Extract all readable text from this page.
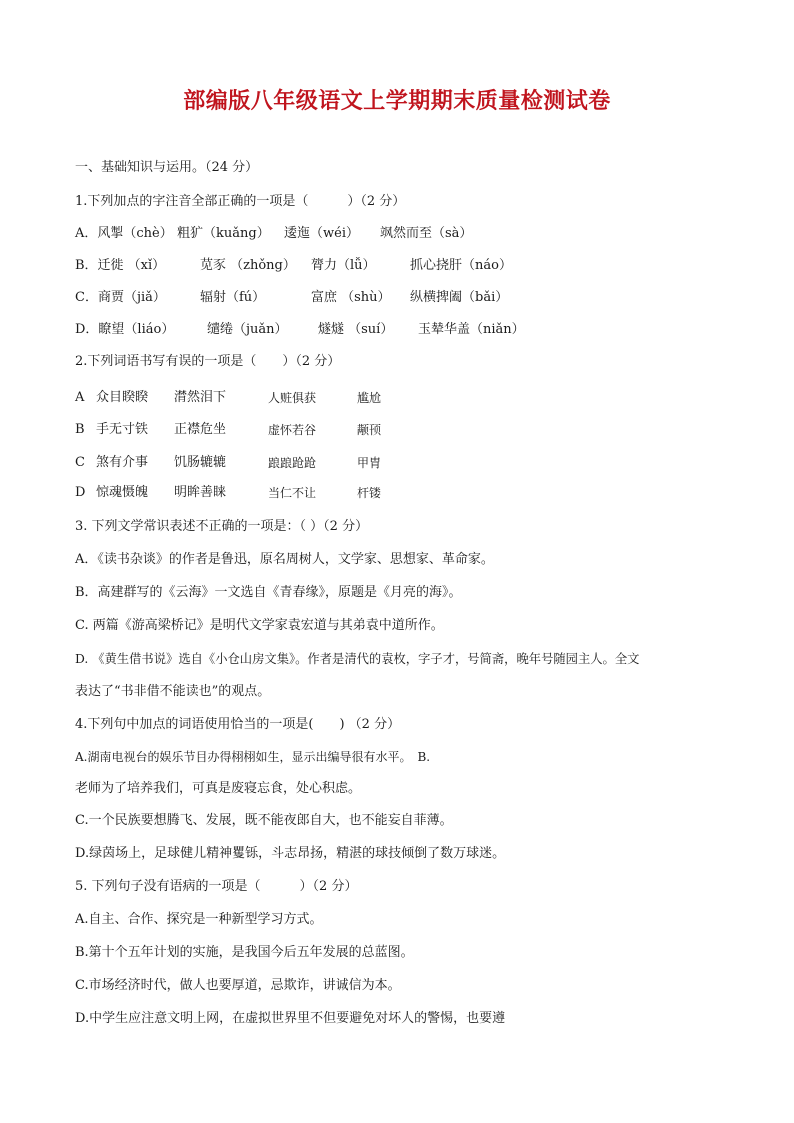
部编版八年级语文上学期期末质量检测试卷
一、基础知识与运用。（24 分）
1.下列加点的字注音全部正确的一项是（　　　）（2 分）
A．风掣（chè） 粗犷（kuǎng） 逶迤（wéi） 飒然而至（sà）
B．迁徙 （xǐ）	苋豕 （zhǒng） 膂力（lǚ）	抓心挠肝（náo）
C．商贾（jiǎ）	辐射（fú）	富庶 （shù） 纵横捭阖（bǎi）
D．瞭望（liáo）	缱绻（juǎn） 燧燧 （suí） 玉辇华盖（niǎn）
2.下列词语书写有误的一项是（　　）（2 分）
A 众目睽睽 潸然泪下	人赃俱获	尴尬
B 手无寸铁 正襟危坐	虚怀若谷	颟顸
C 煞有介事 饥肠辘辘	踉踉跄跄	甲胄
D 惊魂慑魄 明眸善睐	当仁不让	杆镂
3. 下列文学常识表述不正确的一项是：（ ）（2 分）
A．《读书杂谈》的作者是鲁迅，原名周树人，文学家、思想家、革命家。
B．高建群写的《云海》一文选自《青春缘》，原题是《月亮的海》。
C. 两篇《游高梁桥记》是明代文学家袁宏道与其弟袁中道所作。
D. 《黄生借书说》选自《小仓山房文集》。作者是清代的袁枚，字子才，号简斋，晚年号随园主人。全文
表达了“书非借不能读也”的观点。
4.下列句中加点的词语使用恰当的一项是(　　) （2 分）
A.湖南电视台的娱乐节目办得栩栩如生，显示出编导很有水平。　B.
老师为了培养我们，可真是废寝忘食，处心积虑。
C.一个民族要想腾飞、发展，既不能夜郎自大，也不能妄自菲薄。
D.绿茵场上，足球健儿精神矍铄，斗志昂扬，精湛的球技倾倒了数万球迷。
5. 下列句子没有语病的一项是（　　　）（2 分）
A.自主、合作、探究是一种新型学习方式。
B.第十个五年计划的实施，是我国今后五年发展的总蓝图。
C.市场经济时代，做人也要厚道，忌欺诈，讲诚信为本。
D.中学生应注意文明上网，在虚拟世界里不但要避免对坏人的警惕，也要遵
